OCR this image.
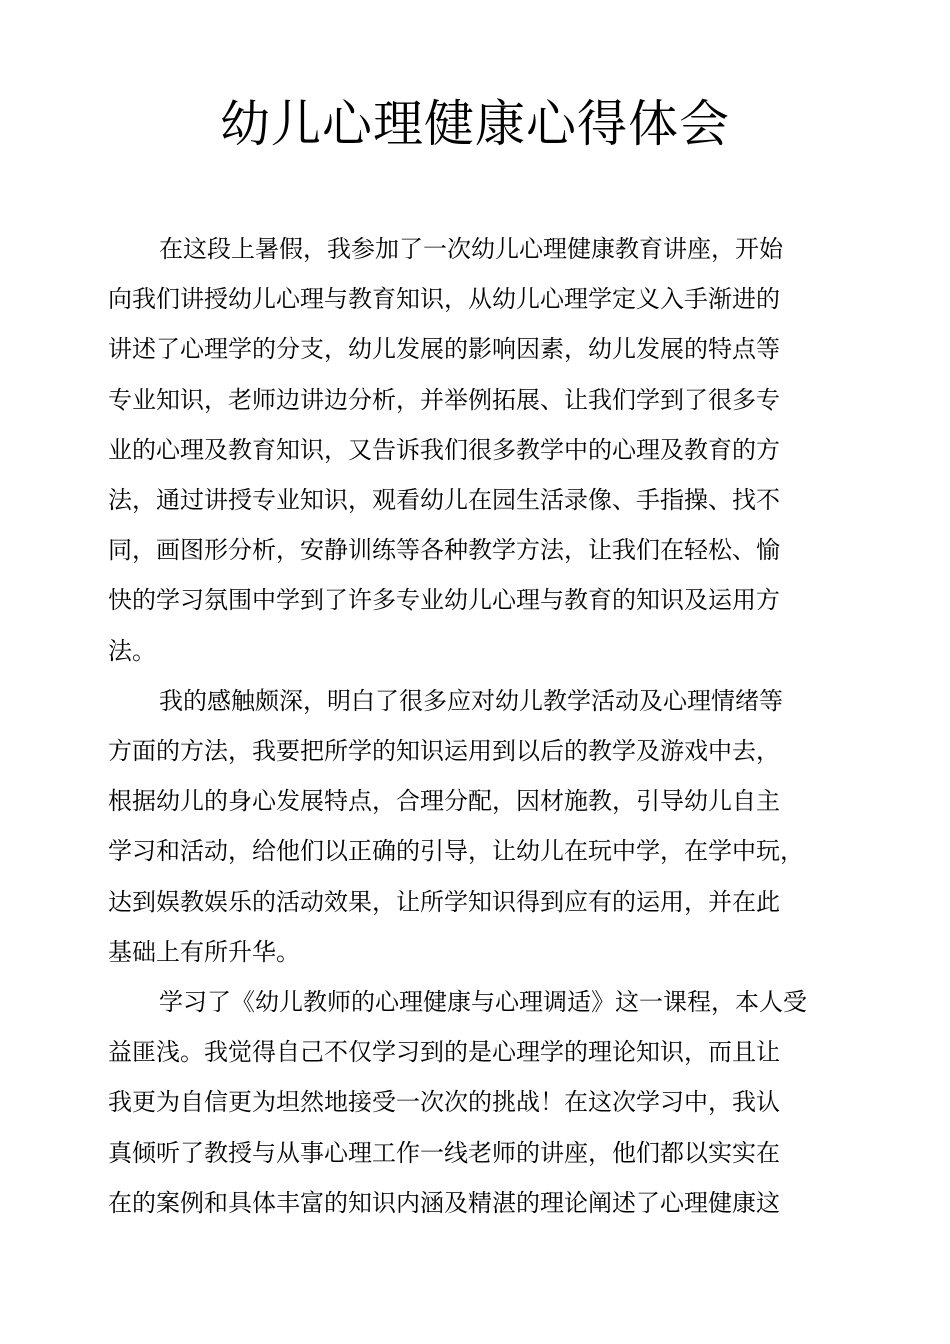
幼儿心理健康心得体会
在这段上暑假，我参加了一次幼儿心理健康教育讲座，开始
向我们讲授幼儿心理与教育知识，从幼儿心理学定义入手渐进的
讲述了心理学的分支，幼儿发展的影响因素，幼儿发展的特点等
专业知识，老师边讲边分析，并举例拓展、让我们学到了很多专
业的心理及教育知识，又告诉我们很多教学中的心理及教育的方
法，通过讲授专业知识，观看幼儿在园生活录像、手指操、找不
同，画图形分析，安静训练等各种教学方法，让我们在轻松、愉
快的学习氛围中学到了许多专业幼儿心理与教育的知识及运用方
法。
我的感触颇深，明白了很多应对幼儿教学活动及心理情绪等
方面的方法，我要把所学的知识运用到以后的教学及游戏中去，
根据幼儿的身心发展特点，合理分配，因材施教，引导幼儿自主
学习和活动，给他们以正确的引导，让幼儿在玩中学，在学中玩，
达到娱教娱乐的活动效果，让所学知识得到应有的运用，并在此
基础上有所升华。
学习了《幼儿教师的心理健康与心理调适》这一课程，本人受
益匪浅。我觉得自己不仅学习到的是心理学的理论知识，而且让
我更为自信更为坦然地接受一次次的挑战！在这次学习中，我认
真倾听了教授与从事心理工作一线老师的讲座，他们都以实实在
在的案例和具体丰富的知识内涵及精湛的理论阐述了心理健康这
